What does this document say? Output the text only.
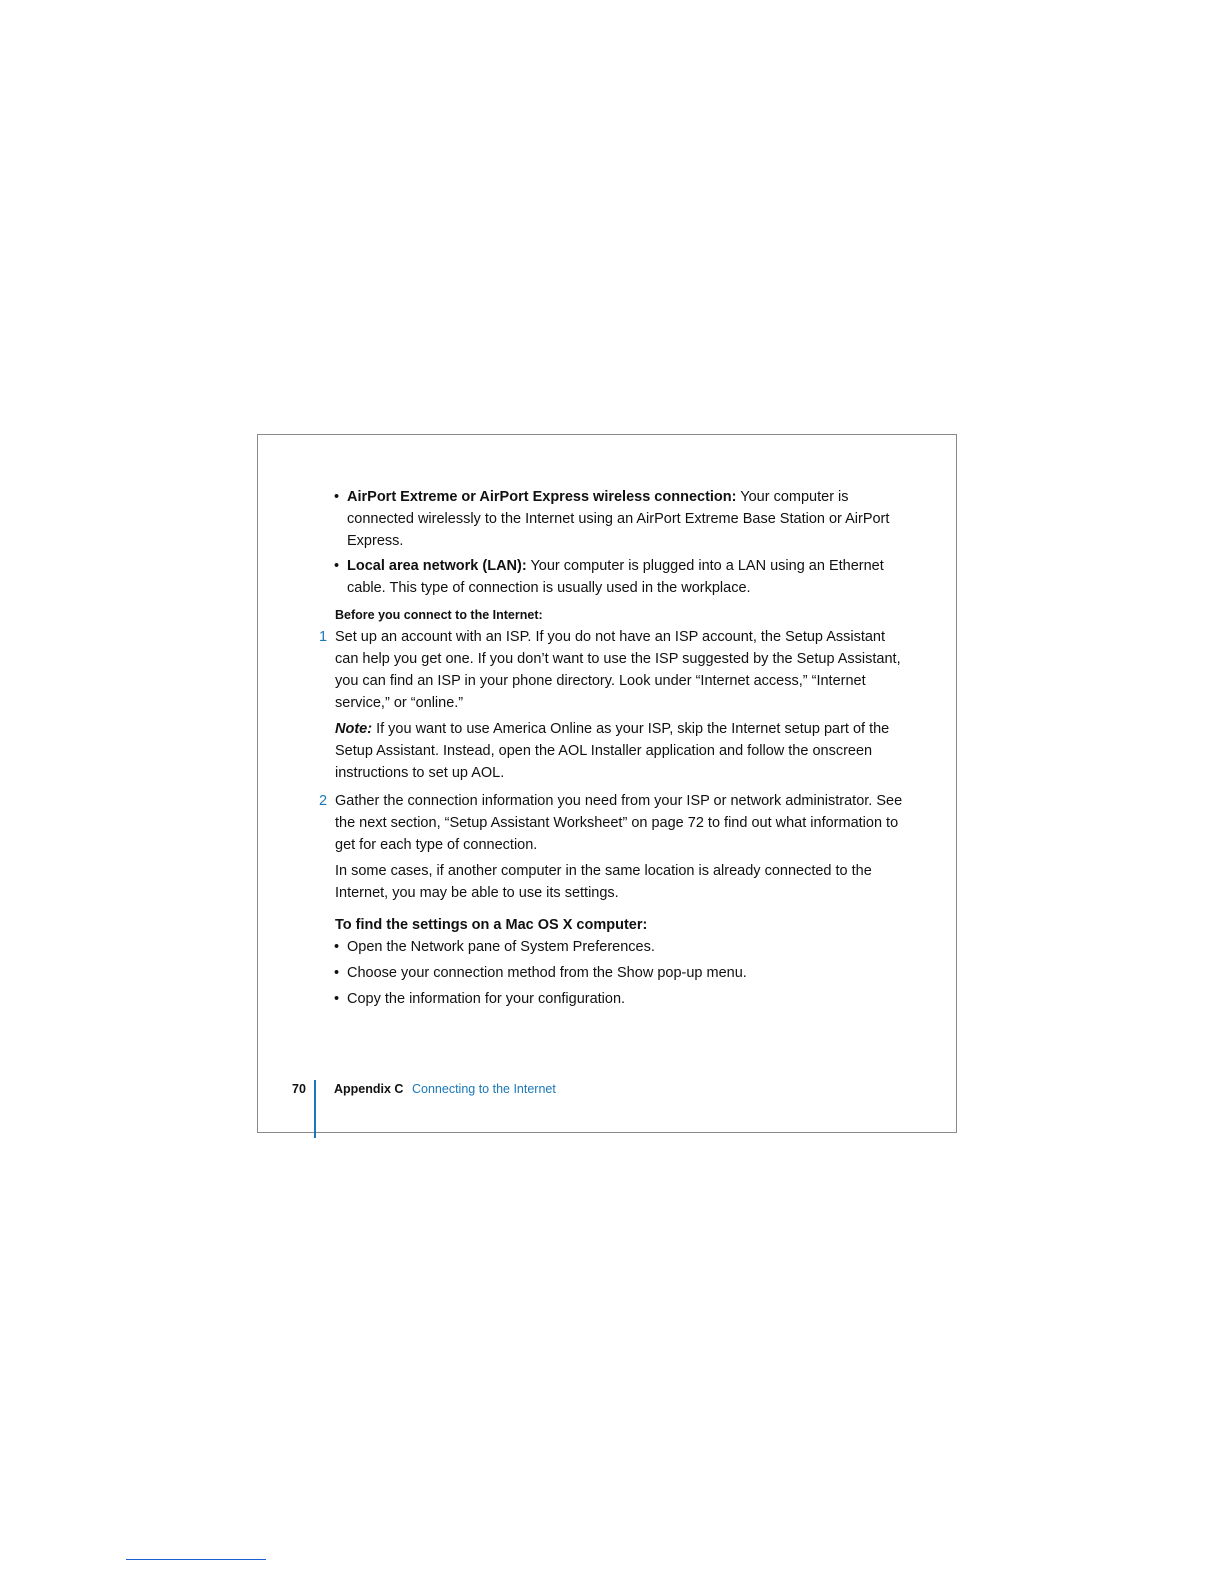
• AirPort Extreme or AirPort Express wireless connection: Your computer is connected wirelessly to the Internet using an AirPort Extreme Base Station or AirPort Express.
• Local area network (LAN): Your computer is plugged into a LAN using an Ethernet cable. This type of connection is usually used in the workplace.
Before you connect to the Internet:
1 Set up an account with an ISP. If you do not have an ISP account, the Setup Assistant can help you get one. If you don’t want to use the ISP suggested by the Setup Assistant, you can find an ISP in your phone directory. Look under “Internet access,” “Internet service,” or “online.”
Note: If you want to use America Online as your ISP, skip the Internet setup part of the Setup Assistant. Instead, open the AOL Installer application and follow the onscreen instructions to set up AOL.
2 Gather the connection information you need from your ISP or network administrator. See the next section, “Setup Assistant Worksheet” on page 72 to find out what information to get for each type of connection.
In some cases, if another computer in the same location is already connected to the Internet, you may be able to use its settings.
To find the settings on a Mac OS X computer:
• Open the Network pane of System Preferences.
• Choose your connection method from the Show pop-up menu.
• Copy the information for your configuration.
70 Appendix C Connecting to the Internet
